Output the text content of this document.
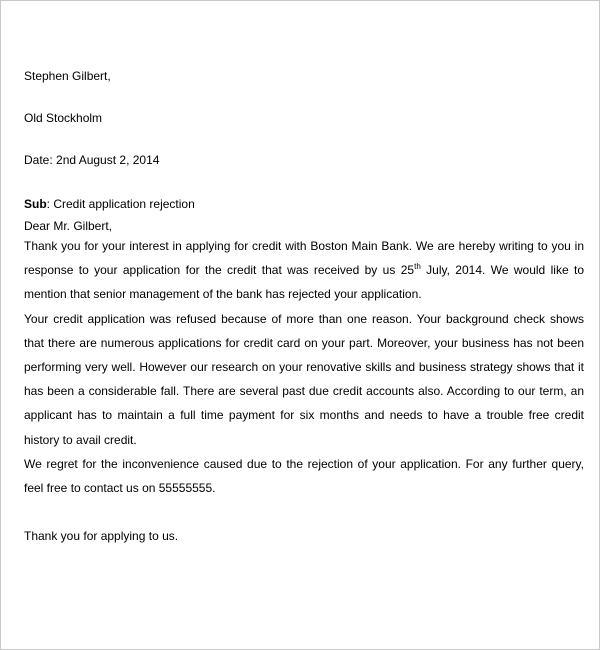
Stephen Gilbert,

Old Stockholm

Date: 2nd August 2, 2014

Sub: Credit application rejection

Dear Mr. Gilbert,

Thank you for your interest in applying for credit with Boston Main Bank. We are hereby writing to you in response to your application for the credit that was received by us 25th July, 2014. We would like to mention that senior management of the bank has rejected your application.

Your credit application was refused because of more than one reason. Your background check shows that there are numerous applications for credit card on your part. Moreover, your business has not been performing very well. However our research on your renovative skills and business strategy shows that it has been a considerable fall. There are several past due credit accounts also. According to our term, an applicant has to maintain a full time payment for six months and needs to have a trouble free credit history to avail credit.

We regret for the inconvenience caused due to the rejection of your application. For any further query, feel free to contact us on 55555555.

Thank you for applying to us.
